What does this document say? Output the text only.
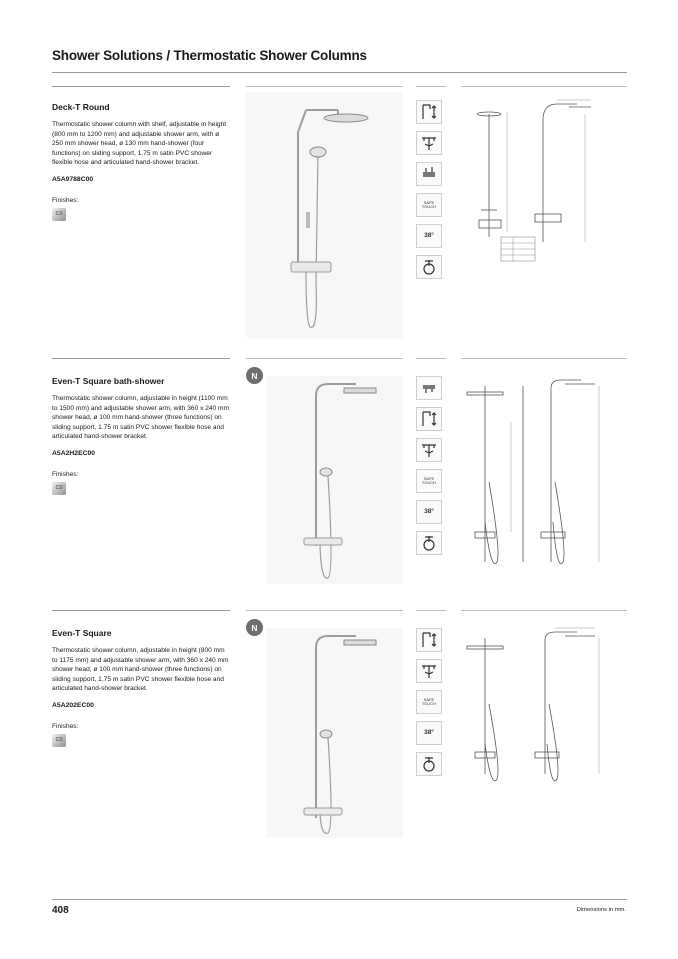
Shower Solutions / Thermostatic Shower Columns
Deck-T Round

Thermostatic shower column with shelf, adjustable in height (800 mm to 1200 mm) and adjustable shower arm, with ø 250 mm shower head, ø 130 mm hand-shower (four functions) on sliding support, 1.75 m satin PVC shower flexible hose and articulated hand-shower bracket.

A5A9788C00

Finishes:

C0
SAFE TOUCH
38°
Even-T Square bath-shower

Thermostatic shower column, adjustable in height (1100 mm to 1500 mm) and adjustable shower arm, with 360 x 240 mm shower head, ø 100 mm hand-shower (three functions) on sliding support, 1.75 m satin PVC shower flexible hose and articulated hand-shower bracket.

A5A2H2EC00

Finishes:

C0
N
SAFE TOUCH
38°
Even-T Square

Thermostatic shower column, adjustable in height (800 mm to 1175 mm) and adjustable shower arm, with 360 x 240 mm shower head, ø 100 mm hand-shower (three functions) on sliding support, 1.75 m satin PVC shower flexible hose and articulated hand-shower bracket.

A5A202EC00

Finishes:

C0
N
SAFE TOUCH
38°
408	Dimensions in mm.
